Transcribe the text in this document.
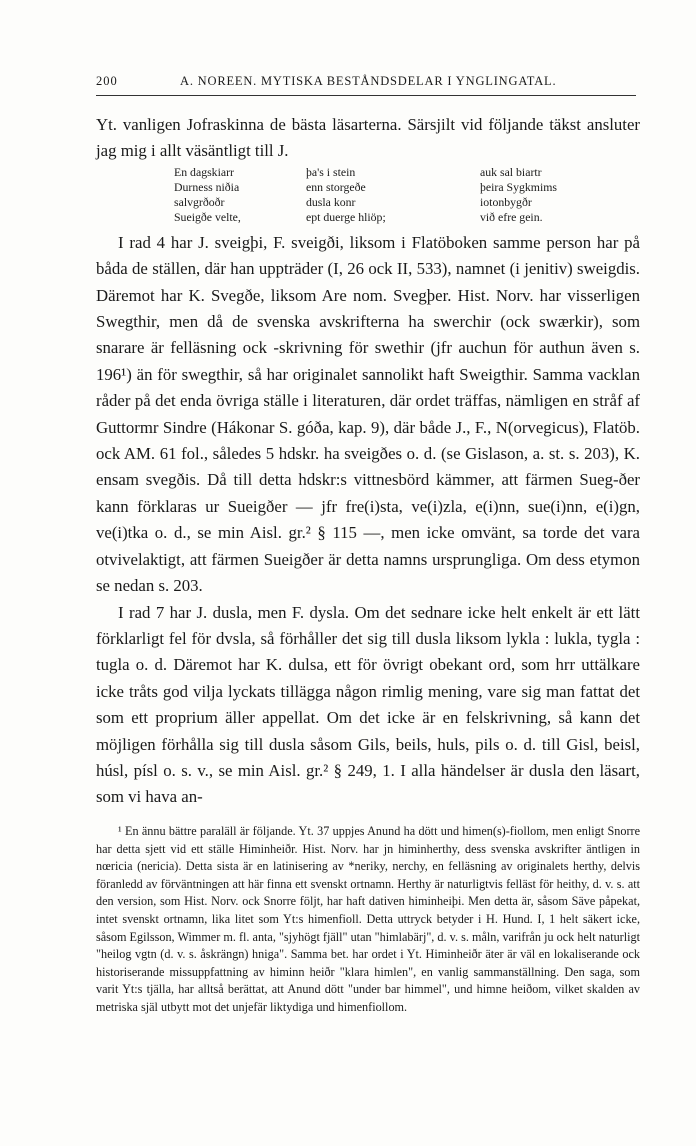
200	A. NOREEN. MYTISKA BESTÅNDSDELAR I YNGLINGATAL.

Yt. vanligen Jofraskinna de bästa läsarterna. Särsjilt vid följande täkst ansluter jag mig i allt väsäntligt till J.

En dagskiarr	þa's i stein	auk sal biartr
Durness niðia	enn storgeðe	þeira Sygkmims
salvgrðoðr	dusla konr	iotonbygðr
Sueigðe velte,	ept duerge hliöp;	við efre gein.

I rad 4 har J. sveigþi, F. sveigði, liksom i Flatöboken samme person har på båda de ställen, där han uppträder (I, 26 ock II, 533), namnet (i jenitiv) sweigdis. Däremot har K. Svegðe, liksom Are nom. Svegþer. Hist. Norv. har visserligen Swegthir, men då de svenska avskrifterna ha swerchir (ock swærkir), som snarare är felläsning ock -skrivning för swethir (jfr auchun för authun även s. 196¹) än för swegthir, så har originalet sannolikt haft Sweigthir. Samma vacklan råder på det enda övriga ställe i literaturen, där ordet träffas, nämligen en stråf af Guttormr Sindre (Hákonar S. góða, kap. 9), där både J., F., N(orvegicus), Flatöb. ock AM. 61 fol., således 5 hdskr. ha sveigðes o. d. (se Gislason, a. st. s. 203), K. ensam svegðis. Då till detta hdskr:s vittnesbörd kämmer, att färmen Sueg-ðer kann förklaras ur Sueigðer — jfr fre(i)sta, ve(i)zla, e(i)nn, sue(i)nn, e(i)gn, ve(i)tka o. d., se min Aisl. gr.² § 115 —, men icke omvänt, sa torde det vara otvivelaktigt, att färmen Sueigðer är detta namns ursprungliga. Om dess etymon se nedan s. 203.

I rad 7 har J. dusla, men F. dysla. Om det sednare icke helt enkelt är ett lätt förklarligt fel för dvsla, så förhåller det sig till dusla liksom lykla : lukla, tygla : tugla o. d. Däremot har K. dulsa, ett för övrigt obekant ord, som hrr uttälkare icke tråts god vilja lyckats tillägga någon rimlig mening, vare sig man fattat det som ett proprium äller appellat. Om det icke är en felskrivning, så kann det möjligen förhålla sig till dusla såsom Gils, beils, huls, pils o. d. till Gisl, beisl, húsl, písl o. s. v., se min Aisl. gr.² § 249, 1. I alla händelser är dusla den läsart, som vi hava an-

¹ En ännu bättre paraläll är följande. Yt. 37 uppjes Anund ha dött und himen(s)-fiollom, men enligt Snorre har detta sjett vid ett ställe Himinheiðr. Hist. Norv. har jn himinherthy, dess svenska avskrifter äntligen in nœricia (nericia). Detta sista är en latinisering av *neriky, nerchy, en felläsning av originalets herthy, delvis föranledd av förväntningen att här finna ett svenskt ortnamn. Herthy är naturligtvis felläst för heithy, d. v. s. att den version, som Hist. Norv. ock Snorre följt, har haft dativen himinheiþi. Men detta är, såsom Säve påpekat, intet svenskt ortnamn, lika litet som Yt:s himenfioll. Detta uttryck betyder i H. Hund. I, 1 helt säkert icke, såsom Egilsson, Wimmer m. fl. anta, "sjyhögt fjäll" utan "himlabärj", d. v. s. måln, varifrån ju ock helt naturligt "heilog vgtn (d. v. s. åskrängn) hniga". Samma bet. har ordet i Yt. Himinheiðr äter är väl en lokaliserande ock historiserande missuppfattning av himinn heiðr "klara himlen", en vanlig sammanställning. Den saga, som varit Yt:s tjälla, har alltså berättat, att Anund dött "under bar himmel", und himne heiðom, vilket skalden av metriska själ utbytt mot det unjefär liktydiga und himenfiollom.
